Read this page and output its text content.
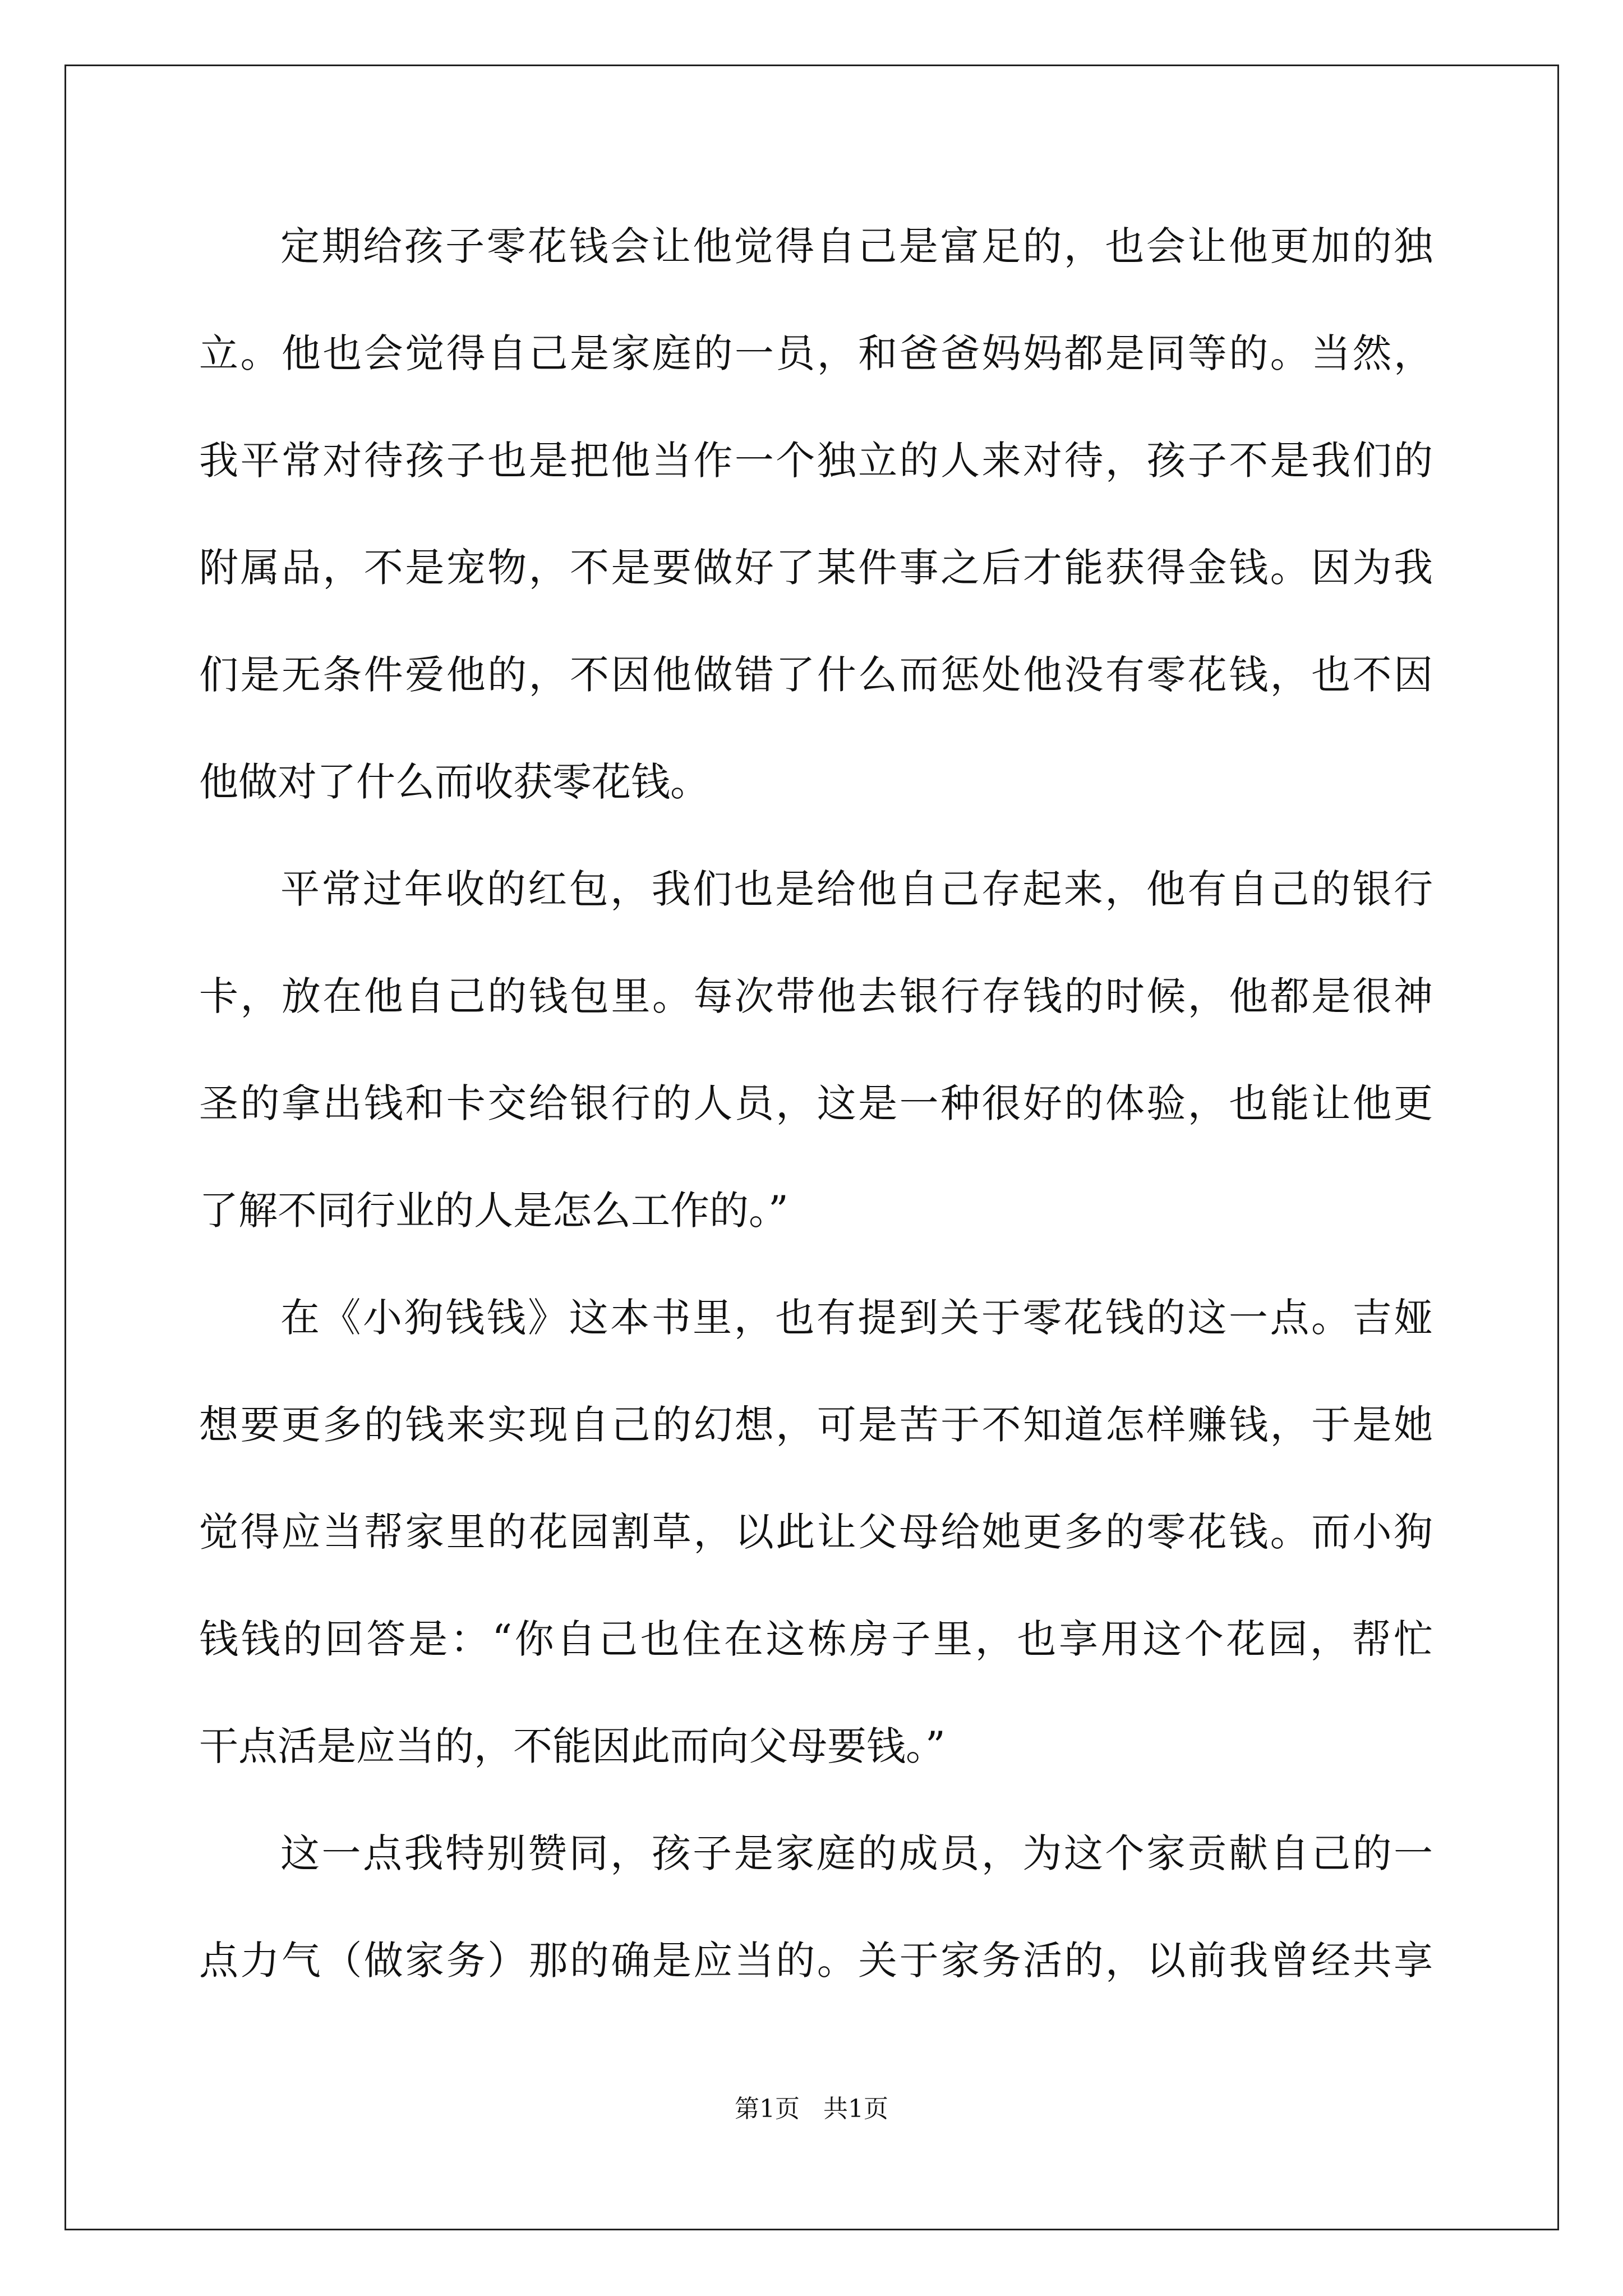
定期给孩子零花钱会让他觉得自己是富足的，也会让他更加的独
立。他也会觉得自己是家庭的一员，和爸爸妈妈都是同等的。当然，
我平常对待孩子也是把他当作一个独立的人来对待，孩子不是我们的
附属品，不是宠物，不是要做好了某件事之后才能获得金钱。因为我
们是无条件爱他的，不因他做错了什么而惩处他没有零花钱，也不因
他做对了什么而收获零花钱。
平常过年收的红包，我们也是给他自己存起来，他有自己的银行
卡，放在他自己的钱包里。每次带他去银行存钱的时候，他都是很神
圣的拿出钱和卡交给银行的人员，这是一种很好的体验，也能让他更
了解不同行业的人是怎么工作的。”
在《小狗钱钱》这本书里，也有提到关于零花钱的这一点。吉娅
想要更多的钱来实现自己的幻想，可是苦于不知道怎样赚钱，于是她
觉得应当帮家里的花园割草，以此让父母给她更多的零花钱。而小狗
钱钱的回答是：“你自己也住在这栋房子里，也享用这个花园，帮忙
干点活是应当的，不能因此而向父母要钱。”
这一点我特别赞同，孩子是家庭的成员，为这个家贡献自己的一
点力气（做家务）那的确是应当的。关于家务活的，以前我曾经共享
第1页   共1页
